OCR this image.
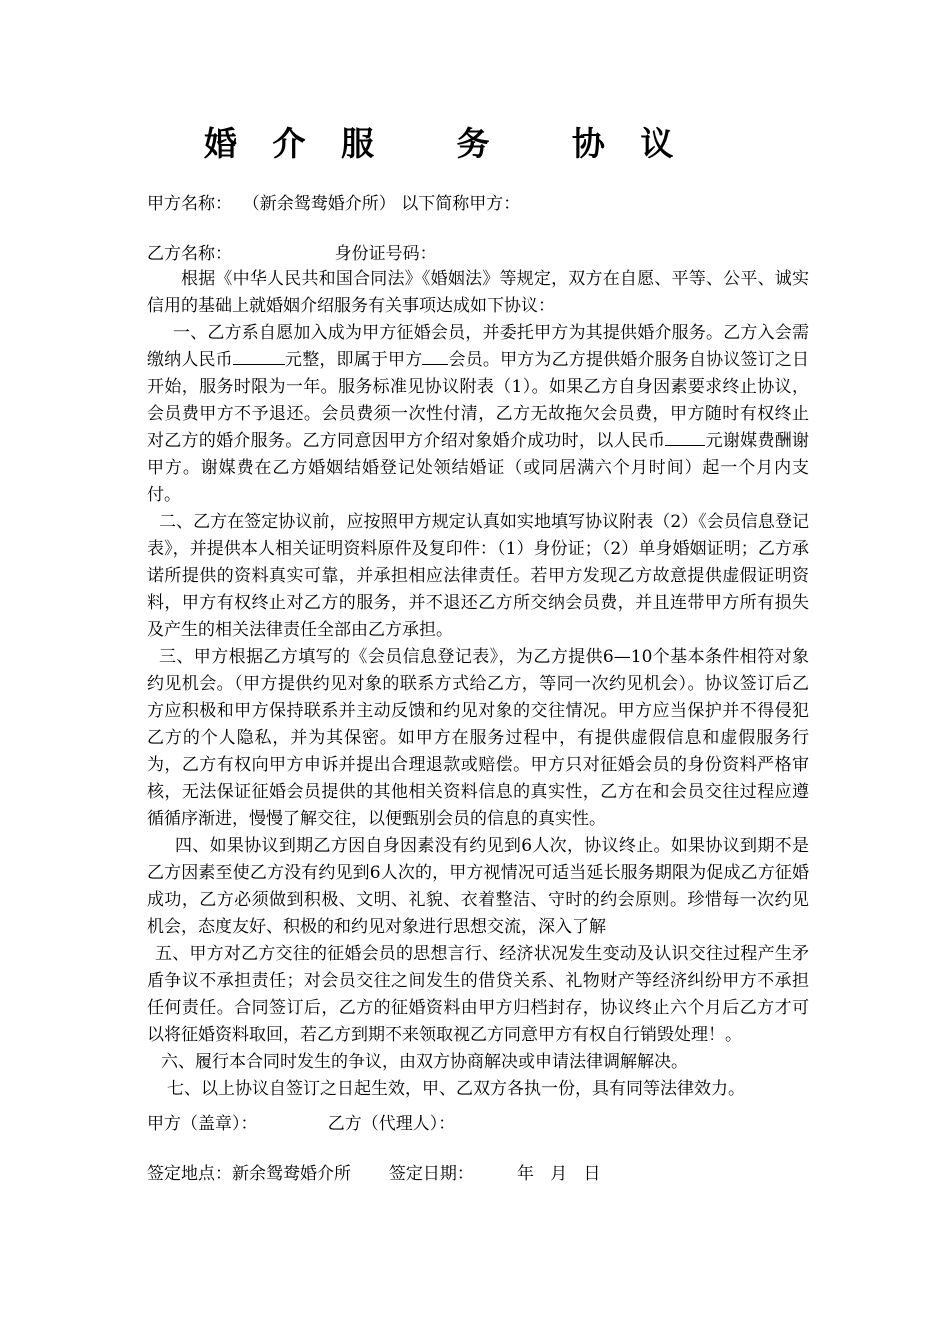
婚 介 服   务   协 议
甲方名称：  （新余鸳鸯婚介所） 以下简称甲方：
乙方名称：                   身份证号码：

根据《中华人民共和国合同法》《婚姻法》等规定，双方在自愿、平等、公平、诚实信用的基础上就婚姻介绍服务有关事项达成如下协议：

一、乙方系自愿加入成为甲方征婚会员，并委托甲方为其提供婚介服务。乙方入会需缴纳人民币	元整，即属于甲方 会员。甲方为乙方提供婚介服务自协议签订之日开始，服务时限为一年。服务标准见协议附表（1）。如果乙方自身因素要求终止协议，会员费甲方不予退还。会员费须一次性付清，乙方无故拖欠会员费，甲方随时有权终止对乙方的婚介服务。乙方同意因甲方介绍对象婚介成功时，以人民币 元谢媒费酬谢甲方。谢媒费在乙方婚姻结婚登记处领结婚证（或同居满六个月时间）起一个月内支付。

二、乙方在签定协议前，应按照甲方规定认真如实地填写协议附表（2）《会员信息登记表》，并提供本人相关证明资料原件及复印件：（1）身份证；（2）单身婚姻证明；乙方承诺所提供的资料真实可靠，并承担相应法律责任。若甲方发现乙方故意提供虚假证明资料，甲方有权终止对乙方的服务，并不退还乙方所交纳会员费，并且连带甲方所有损失及产生的相关法律责任全部由乙方承担。

三、甲方根据乙方填写的《会员信息登记表》，为乙方提供6—10个基本条件相符对象约见机会。（甲方提供约见对象的联系方式给乙方，等同一次约见机会）。协议签订后乙方应积极和甲方保持联系并主动反馈和约见对象的交往情况。甲方应当保护并不得侵犯乙方的个人隐私，并为其保密。如甲方在服务过程中，有提供虚假信息和虚假服务行为，乙方有权向甲方申诉并提出合理退款或赔偿。甲方只对征婚会员的身份资料严格审核，无法保证征婚会员提供的其他相关资料信息的真实性，乙方在和会员交往过程应遵循循序渐进，慢慢了解交往，以便甄别会员的信息的真实性。

四、如果协议到期乙方因自身因素没有约见到6人次，协议终止。如果协议到期不是乙方因素至使乙方没有约见到6人次的，甲方视情况可适当延长服务期限为促成乙方征婚成功，乙方必须做到积极、文明、礼貌、衣着整洁、守时的约会原则。珍惜每一次约见机会，态度友好、积极的和约见对象进行思想交流，深入了解

五、甲方对乙方交往的征婚会员的思想言行、经济状况发生变动及认识交往过程产生矛盾争议不承担责任；对会员交往之间发生的借贷关系、礼物财产等经济纠纷甲方不承担任何责任。合同签订后，乙方的征婚资料由甲方归档封存，协议终止六个月后乙方才可以将征婚资料取回，若乙方到期不来领取视乙方同意甲方有权自行销毁处理！。

六、履行本合同时发生的争议，由双方协商解决或申请法律调解解决。

七、以上协议自签订之日起生效，甲、乙双方各执一份，具有同等法律效力。

甲方（盖章）：             乙方（代理人）：
签定地点：新余鸳鸯婚介所       签定日期：        年   月   日
